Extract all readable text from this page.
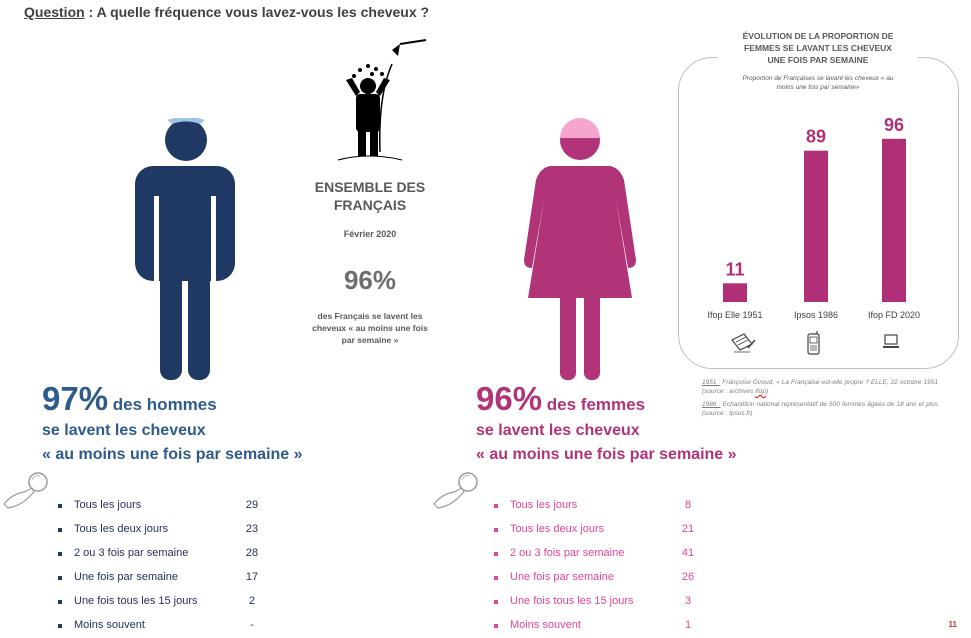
Question : A quelle fréquence vous lavez-vous les cheveux ?
ENSEMBLE DES
FRANÇAIS
Février 2020
96%
des Français se lavent les
cheveux « au moins une fois
par semaine »
97% des hommes
se lavent les cheveux
« au moins une fois par semaine »
96% des femmes
se lavent les cheveux
« au moins une fois par semaine »
Tous les jours	29
Tous les deux jours	23
2 ou 3 fois par semaine	28
Une fois par semaine	17
Une fois tous les 15 jours	2
Moins souvent	-
Tous les jours	8
Tous les deux jours	21
2 ou 3 fois par semaine	41
Une fois par semaine	26
Une fois tous les 15 jours	3
Moins souvent	1
ÉVOLUTION DE LA PROPORTION DE
FEMMES SE LAVANT LES CHEVEUX
UNE FOIS PAR SEMAINE
Proportion de Françaises se lavant les cheveux « au
moins une fois par semaine»
11
Ifop Elle 1951
89
Ipsos 1986
96
Ifop FD 2020

1951 : Françoise Giroud, « La Française est-elle propre ? ELLE, 22 octobre 1951 (source : archives Ifop)

1986 : Echantillon national représentatif de 500 femmes âgées de 18 ans et plus (source : Ipsos.fr)

11
